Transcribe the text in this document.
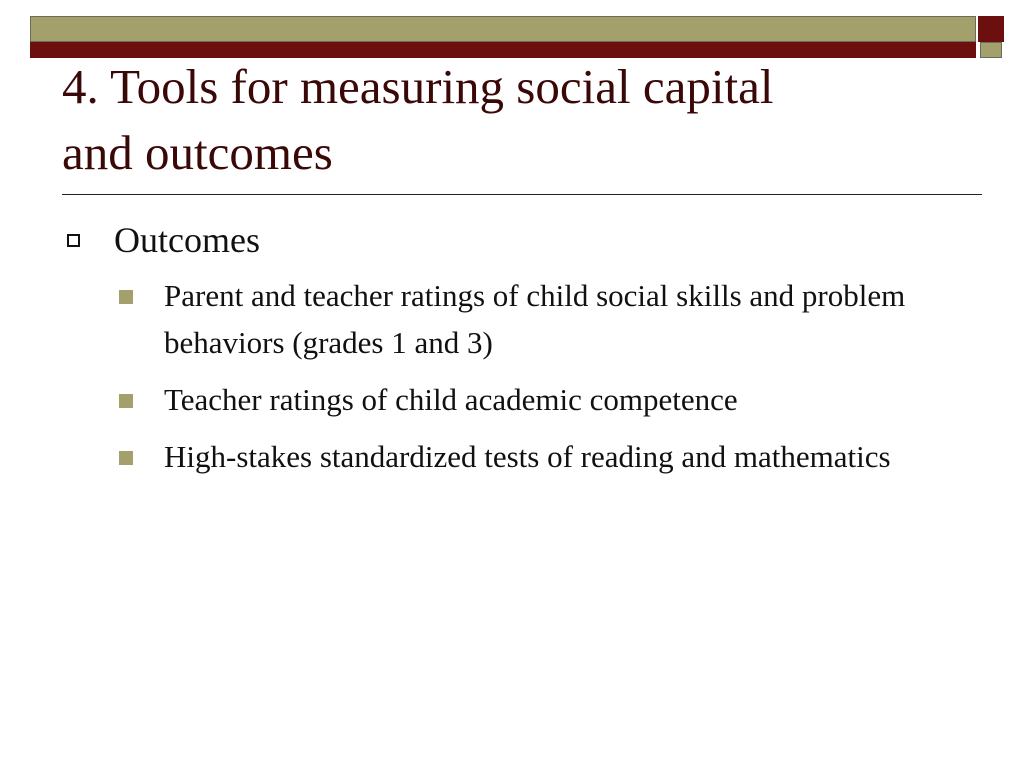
4. Tools for measuring social capital
and outcomes
Outcomes
Parent and teacher ratings of child social skills and problem behaviors (grades 1 and 3)
Teacher ratings of child academic competence
High-stakes standardized tests of reading and mathematics
